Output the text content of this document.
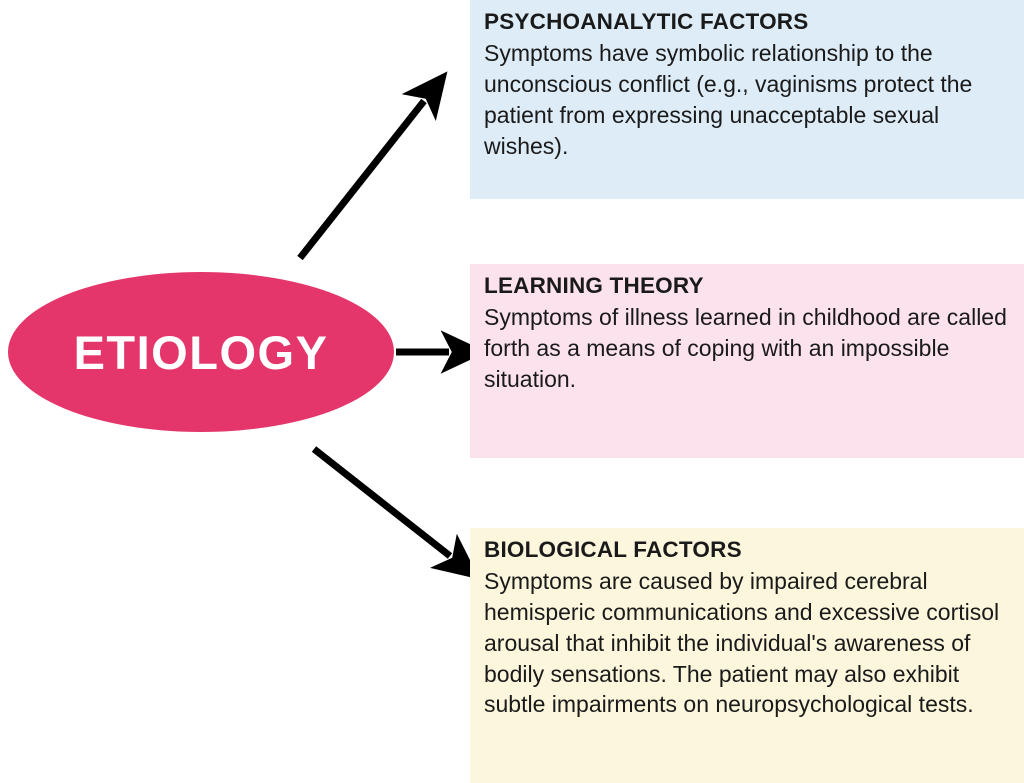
ETIOLOGY
PSYCHOANALYTIC FACTORS
Symptoms have symbolic relationship to the unconscious conflict (e.g., vaginisms protect the patient from expressing unacceptable sexual wishes).
LEARNING THEORY
Symptoms of illness learned in childhood are called forth as a means of coping with an impossible situation.
BIOLOGICAL FACTORS
Symptoms are caused by impaired cerebral hemisperic communications and excessive cortisol arousal that inhibit the individual's awareness of bodily sensations. The patient may also exhibit subtle impairments on neuropsychological tests.
